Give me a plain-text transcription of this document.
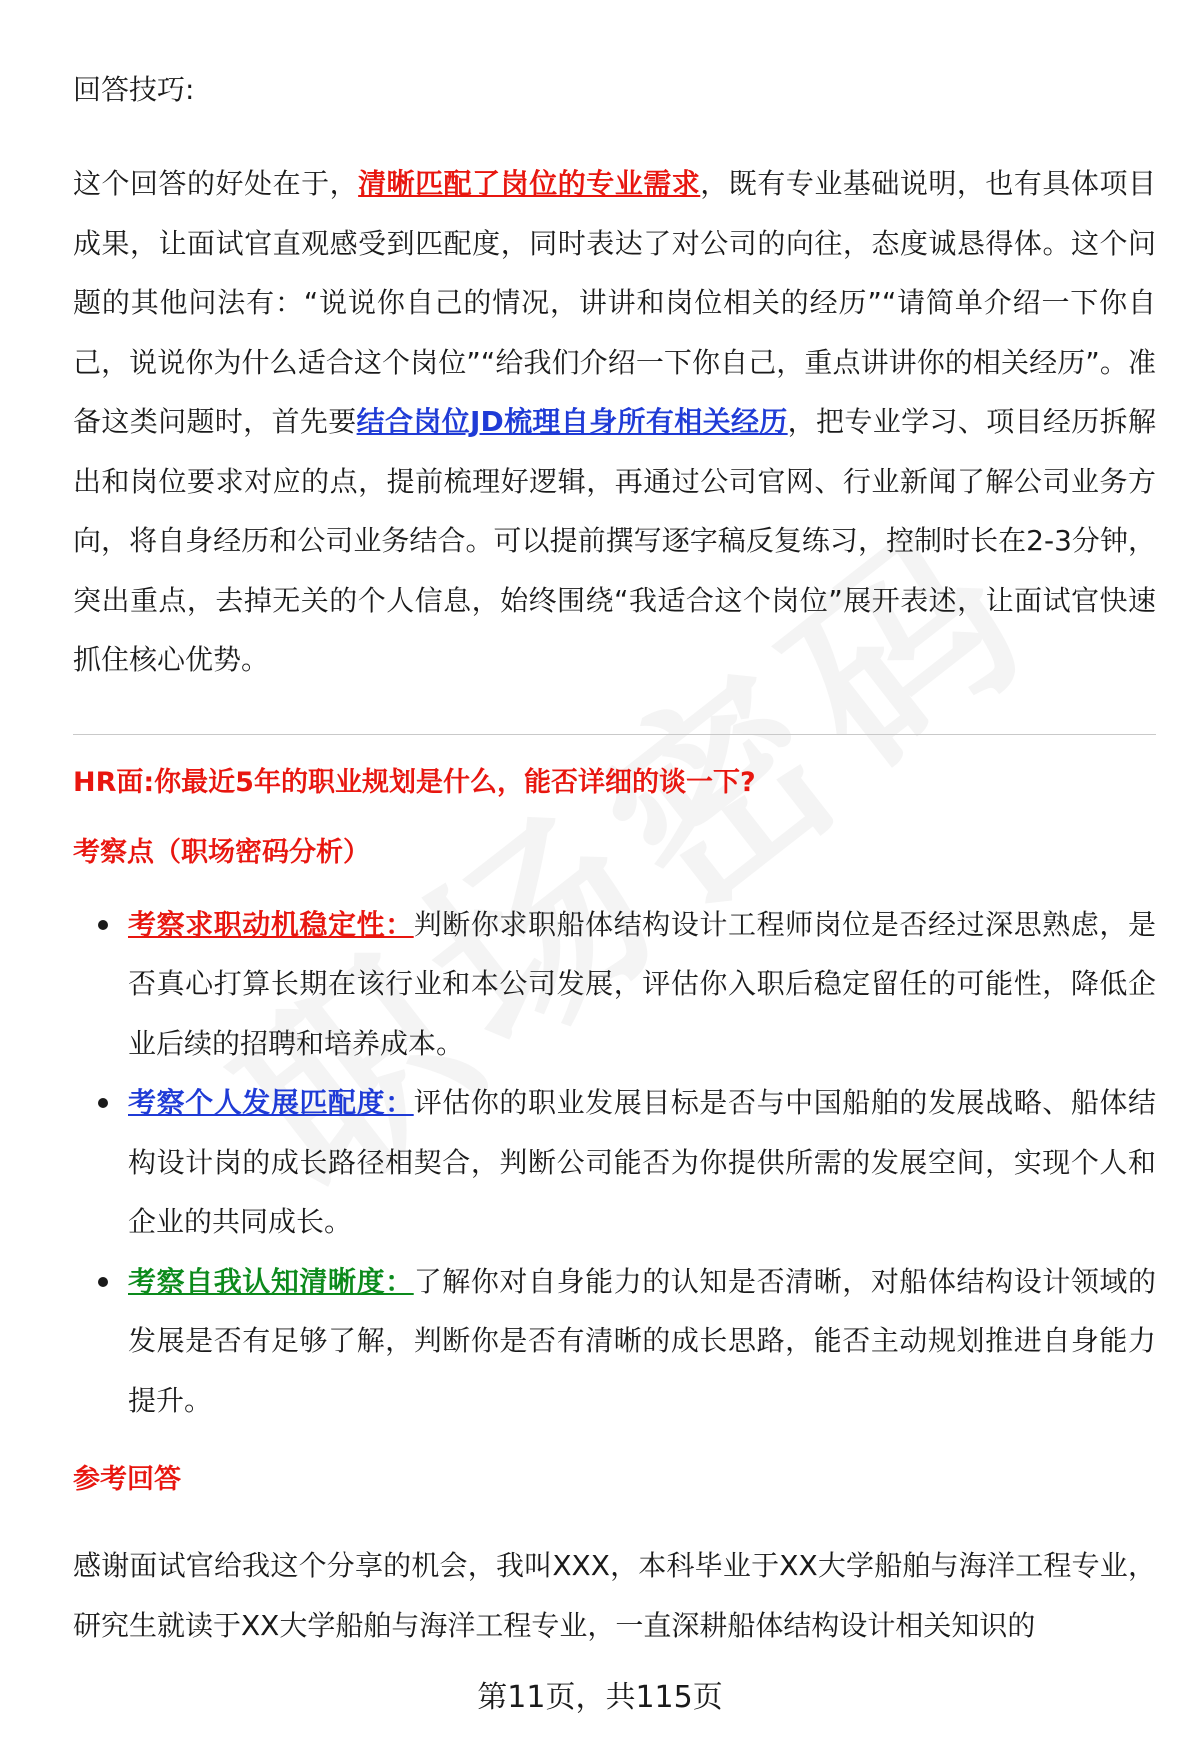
回答技巧:

这个回答的好处在于，清晰匹配了岗位的专业需求，既有专业基础说明，也有具体项目成果，让面试官直观感受到匹配度，同时表达了对公司的向往，态度诚恳得体。这个问题的其他问法有：“说说你自己的情况，讲讲和岗位相关的经历”“请简单介绍一下你自己，说说你为什么适合这个岗位”“给我们介绍一下你自己，重点讲讲你的相关经历”。准备这类问题时，首先要结合岗位JD梳理自身所有相关经历，把专业学习、项目经历拆解出和岗位要求对应的点，提前梳理好逻辑，再通过公司官网、行业新闻了解公司业务方向，将自身经历和公司业务结合。可以提前撰写逐字稿反复练习，控制时长在2-3分钟，突出重点，去掉无关的个人信息，始终围绕“我适合这个岗位”展开表述，让面试官快速抓住核心优势。

HR面:你最近5年的职业规划是什么，能否详细的谈一下?
考察点（职场密码分析）
考察求职动机稳定性：判断你求职船体结构设计工程师岗位是否经过深思熟虑，是否真心打算长期在该行业和本公司发展，评估你入职后稳定留任的可能性，降低企业后续的招聘和培养成本。
考察个人发展匹配度：评估你的职业发展目标是否与中国船舶的发展战略、船体结构设计岗的成长路径相契合，判断公司能否为你提供所需的发展空间，实现个人和企业的共同成长。
考察自我认知清晰度：了解你对自身能力的认知是否清晰，对船体结构设计领域的发展是否有足够了解，判断你是否有清晰的成长思路，能否主动规划推进自身能力提升。
参考回答

感谢面试官给我这个分享的机会，我叫XXX，本科毕业于XX大学船舶与海洋工程专业，研究生就读于XX大学船舶与海洋工程专业，一直深耕船体结构设计相关知识的

第11页，共115页
